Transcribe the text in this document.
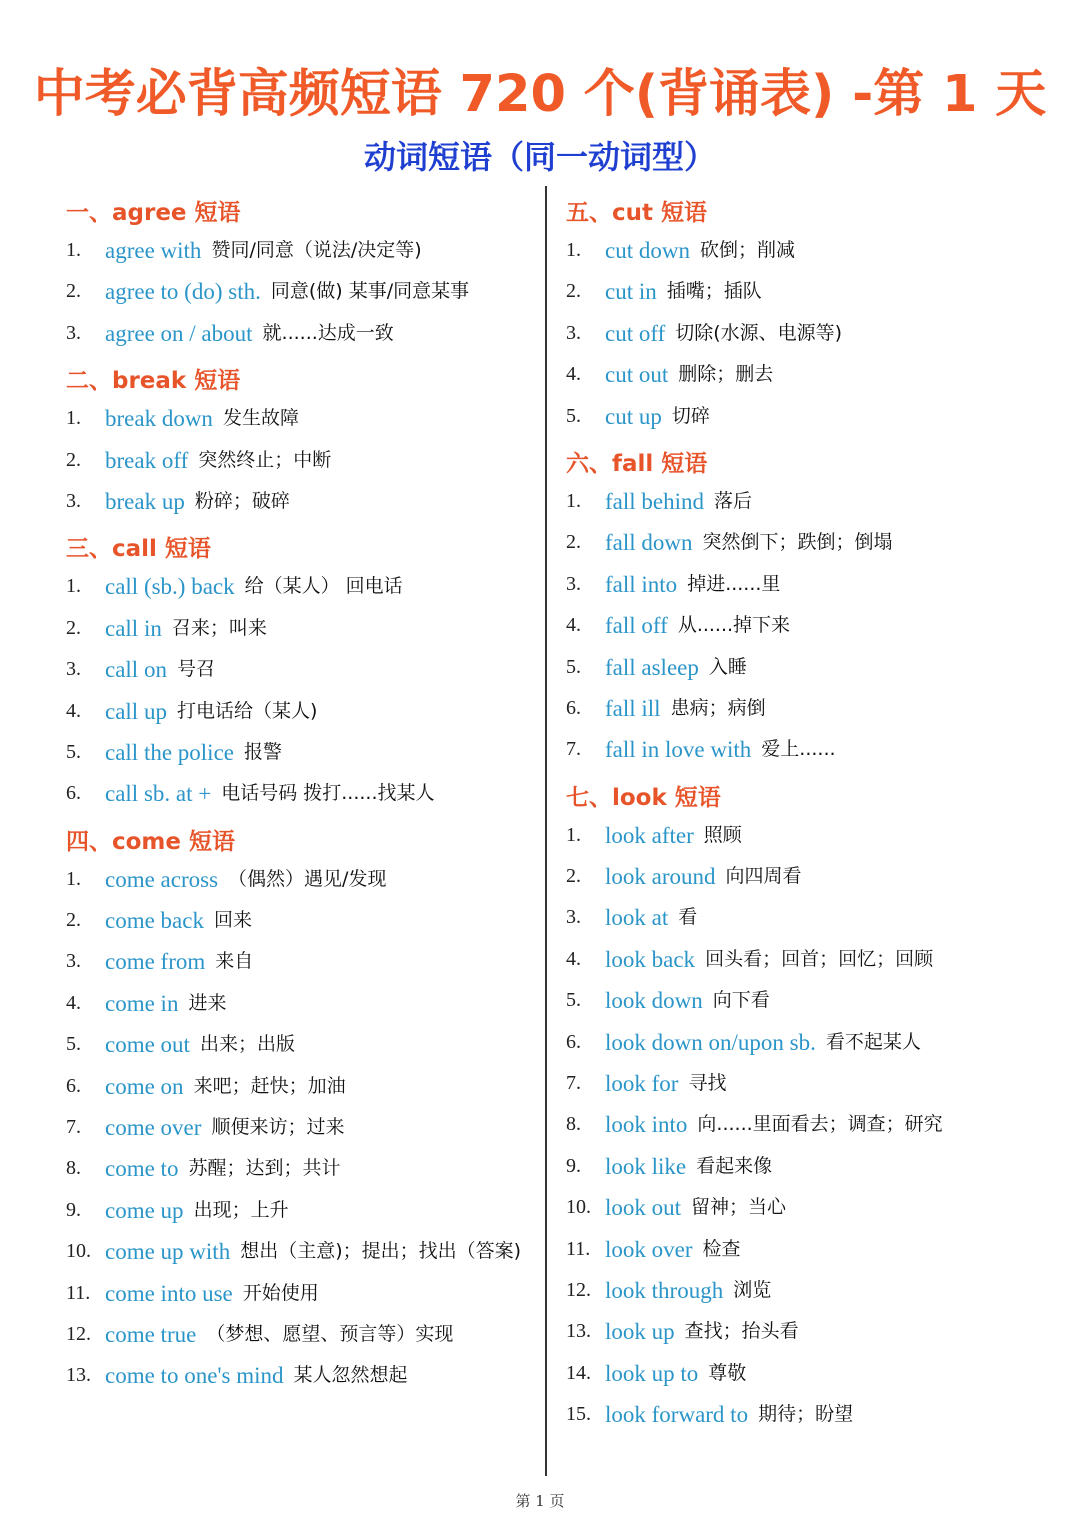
中考必背高频短语 720 个(背诵表) -第 1 天
动词短语（同一动词型）
一、agree 短语
1.	agree with 赞同/同意（说法/决定等)
2.	agree to (do) sth. 同意(做) 某事/同意某事
3.	agree on / about 就......达成一致
二、break 短语
1.	break down 发生故障
2.	break off 突然终止；中断
3.	break up 粉碎；破碎
三、call 短语
1.	call (sb.) back 给（某人） 回电话
2.	call in 召来；叫来
3.	call on 号召
4.	call up 打电话给（某人)
5.	call the police 报警
6.	call sb. at + 电话号码 拨打......找某人
四、come 短语
1.	come across （偶然）遇见/发现
2.	come back 回来
3.	come from 来自
4.	come in 进来
5.	come out 出来；出版
6.	come on 来吧；赶快；加油
7.	come over 顺便来访；过来
8.	come to 苏醒；达到；共计
9.	come up 出现；上升
10. come up with 想出（主意)；提出；找出（答案)
11. come into use 开始使用
12. come true （梦想、愿望、预言等）实现
13. come to one's mind 某人忽然想起
五、cut 短语
1.	cut down 砍倒；削减
2.	cut in 插嘴；插队
3.	cut off 切除(水源、电源等)
4.	cut out 删除；删去
5.	cut up 切碎
六、fall 短语
1.	fall behind 落后
2.	fall down 突然倒下；跌倒；倒塌
3.	fall into 掉进......里
4.	fall off 从......掉下来
5.	fall asleep 入睡
6.	fall ill 患病；病倒
7.	fall in love with 爱上......
七、look 短语
1.	look after 照顾
2.	look around 向四周看
3.	look at 看
4.	look back 回头看；回首；回忆；回顾
5.	look down 向下看
6.	look down on/upon sb. 看不起某人
7.	look for 寻找
8.	look into 向......里面看去；调查；研究
9.	look like 看起来像
10. look out 留神；当心
11. look over 检查
12. look through 浏览
13. look up 查找；抬头看
14. look up to 尊敬
15. look forward to 期待；盼望
第 1 页
